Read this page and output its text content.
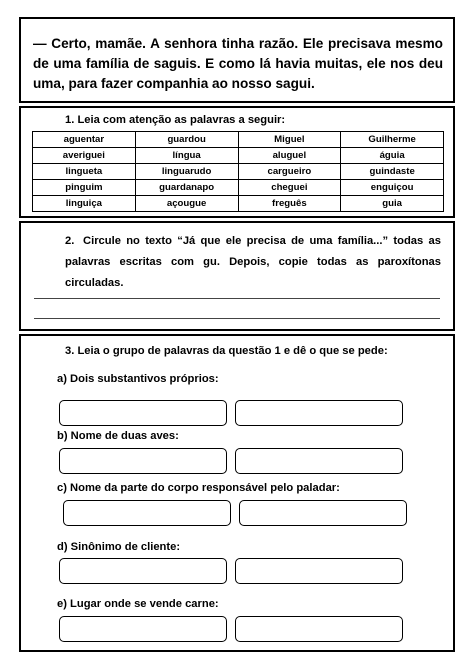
— Certo, mamãe. A senhora tinha razão. Ele precisava mesmo de uma família de saguis. E como lá havia muitas, ele nos deu uma, para fazer companhia ao nosso sagui.

1. Leia com atenção as palavras a seguir:

aguentar	guardou	Miguel	Guilherme
averiguei	língua	aluguel	águia
lingueta	linguarudo	cargueiro	guindaste
pinguim	guardanapo	cheguei	enguiçou
linguiça	açougue	freguês	guia

2. Circule no texto “Já que ele precisa de uma família...” todas as palavras escritas com gu. Depois, copie todas as paroxítonas circuladas.

3. Leia o grupo de palavras da questão 1 e dê o que se pede:

a) Dois substantivos próprios:

b) Nome de duas aves:

c) Nome da parte do corpo responsável pelo paladar:

d) Sinônimo de cliente:

e) Lugar onde se vende carne:
